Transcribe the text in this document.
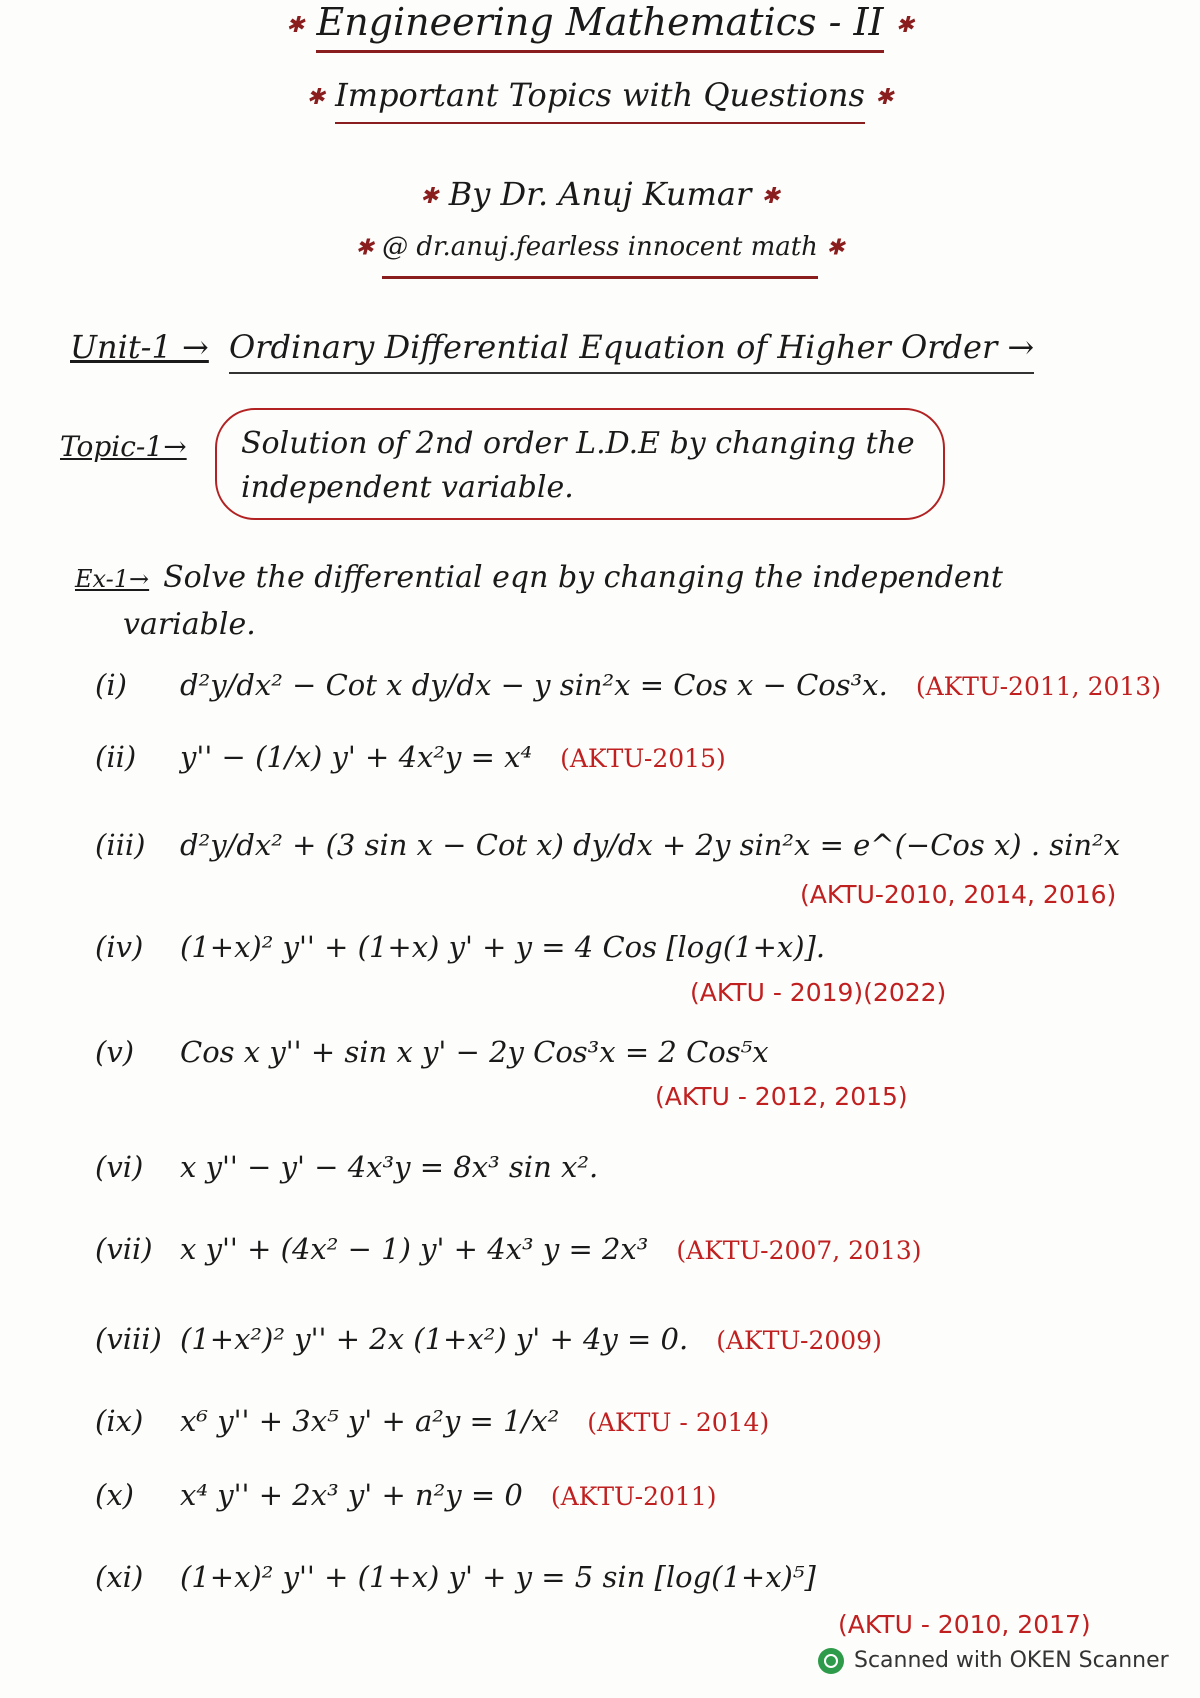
✱ Engineering Mathematics - II ✱
✱ Important Topics with Questions ✱
✱ By Dr. Anuj Kumar ✱
✱ @ dr.anuj.fearless innocent math ✱
Unit-1 → Ordinary Differential Equation of Higher Order →
Topic-1→	Solution of 2nd order L.D.E by changing the independent variable.
Ex-1→ Solve the differential eqn by changing the independent
variable.
(i) d²y/dx² − Cot x dy/dx − y sin²x = Cos x − Cos³x. (AKTU-2011, 2013)
(ii) y'' − (1/x) y' + 4x²y = x⁴ (AKTU-2015)
(iii) d²y/dx² + (3 sin x − Cot x) dy/dx + 2y sin²x = e^(−Cos x) . sin²x
(AKTU-2010, 2014, 2016)
(iv) (1+x)² y'' + (1+x) y' + y = 4 Cos [log(1+x)].
(AKTU - 2019)(2022)
(v) Cos x y'' + sin x y' − 2y Cos³x = 2 Cos⁵x
(AKTU - 2012, 2015)
(vi) x y'' − y' − 4x³y = 8x³ sin x².
(vii) x y'' + (4x² − 1) y' + 4x³ y = 2x³ (AKTU-2007, 2013)
(viii) (1+x²)² y'' + 2x (1+x²) y' + 4y = 0. (AKTU-2009)
(ix) x⁶ y'' + 3x⁵ y' + a²y = 1/x² (AKTU - 2014)
(x) x⁴ y'' + 2x³ y' + n²y = 0 (AKTU-2011)
(xi) (1+x)² y'' + (1+x) y' + y = 5 sin [log(1+x)⁵]
(AKTU - 2010, 2017)
Scanned with OKEN Scanner
